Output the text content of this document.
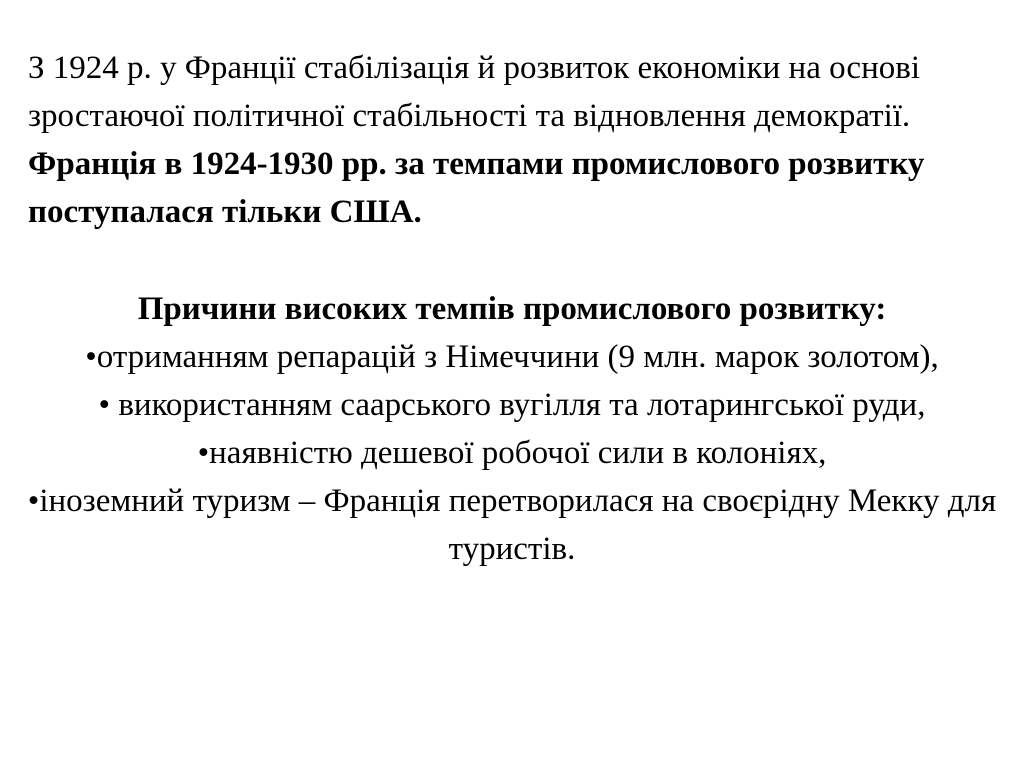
З 1924 р. у Франції стабілізація й розвиток економіки на основі зростаючої політичної стабільності та відновлення демократії. Франція в 1924-1930 рр. за темпами промислового розвитку поступалася тільки США.

Причини високих темпів промислового розвитку:
•отриманням репарацій з Німеччини (9 млн. марок золотом),
• використанням саарського вугілля та лотарингської руди,
•наявністю дешевої робочої сили в колоніях,
•іноземний туризм – Франція перетворилася на своєрідну Мекку для туристів.
